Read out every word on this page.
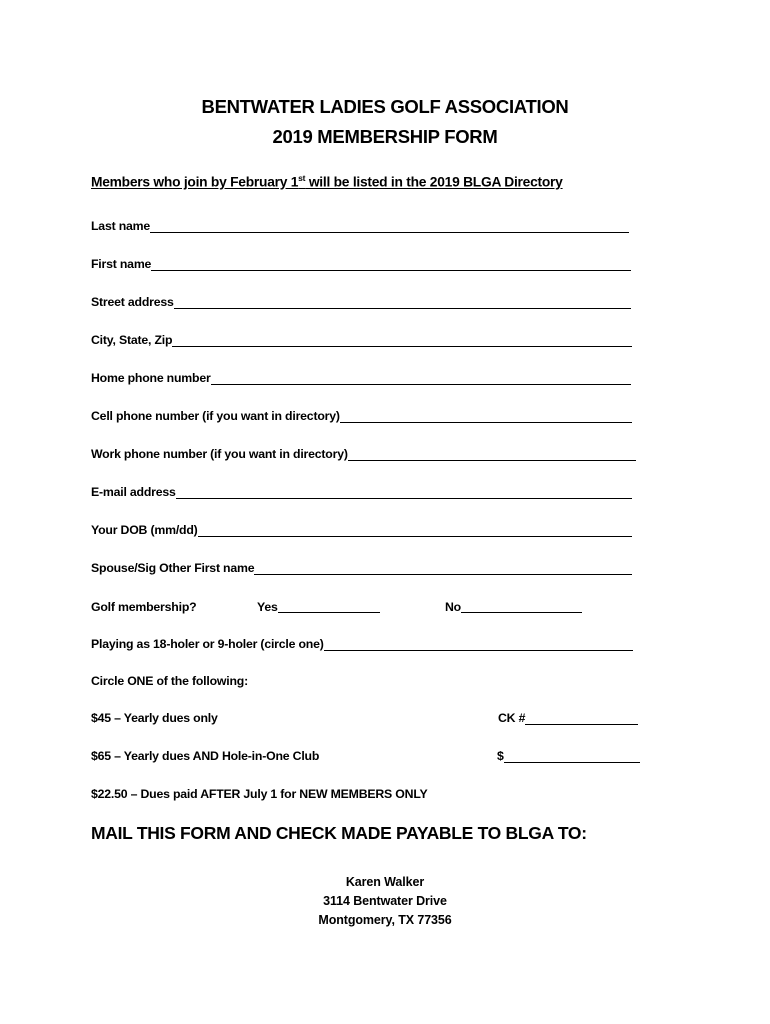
BENTWATER LADIES GOLF ASSOCIATION
2019 MEMBERSHIP FORM
Members who join by February 1st will be listed in the 2019 BLGA Directory
Last name
First name
Street address
City, State, Zip
Home phone number
Cell phone number (if you want in directory)
Work phone number (if you want in directory)
E-mail address
Your DOB (mm/dd)
Spouse/Sig Other First name
Golf membership?	Yes	No
Playing as 18-holer or 9-holer (circle one)
Circle ONE of the following:
$45 – Yearly dues only	CK #
$65 – Yearly dues AND Hole-in-One Club	$
$22.50 – Dues paid AFTER July 1 for NEW MEMBERS ONLY
MAIL THIS FORM AND CHECK MADE PAYABLE TO BLGA TO:
Karen Walker
3114 Bentwater Drive
Montgomery, TX 77356
